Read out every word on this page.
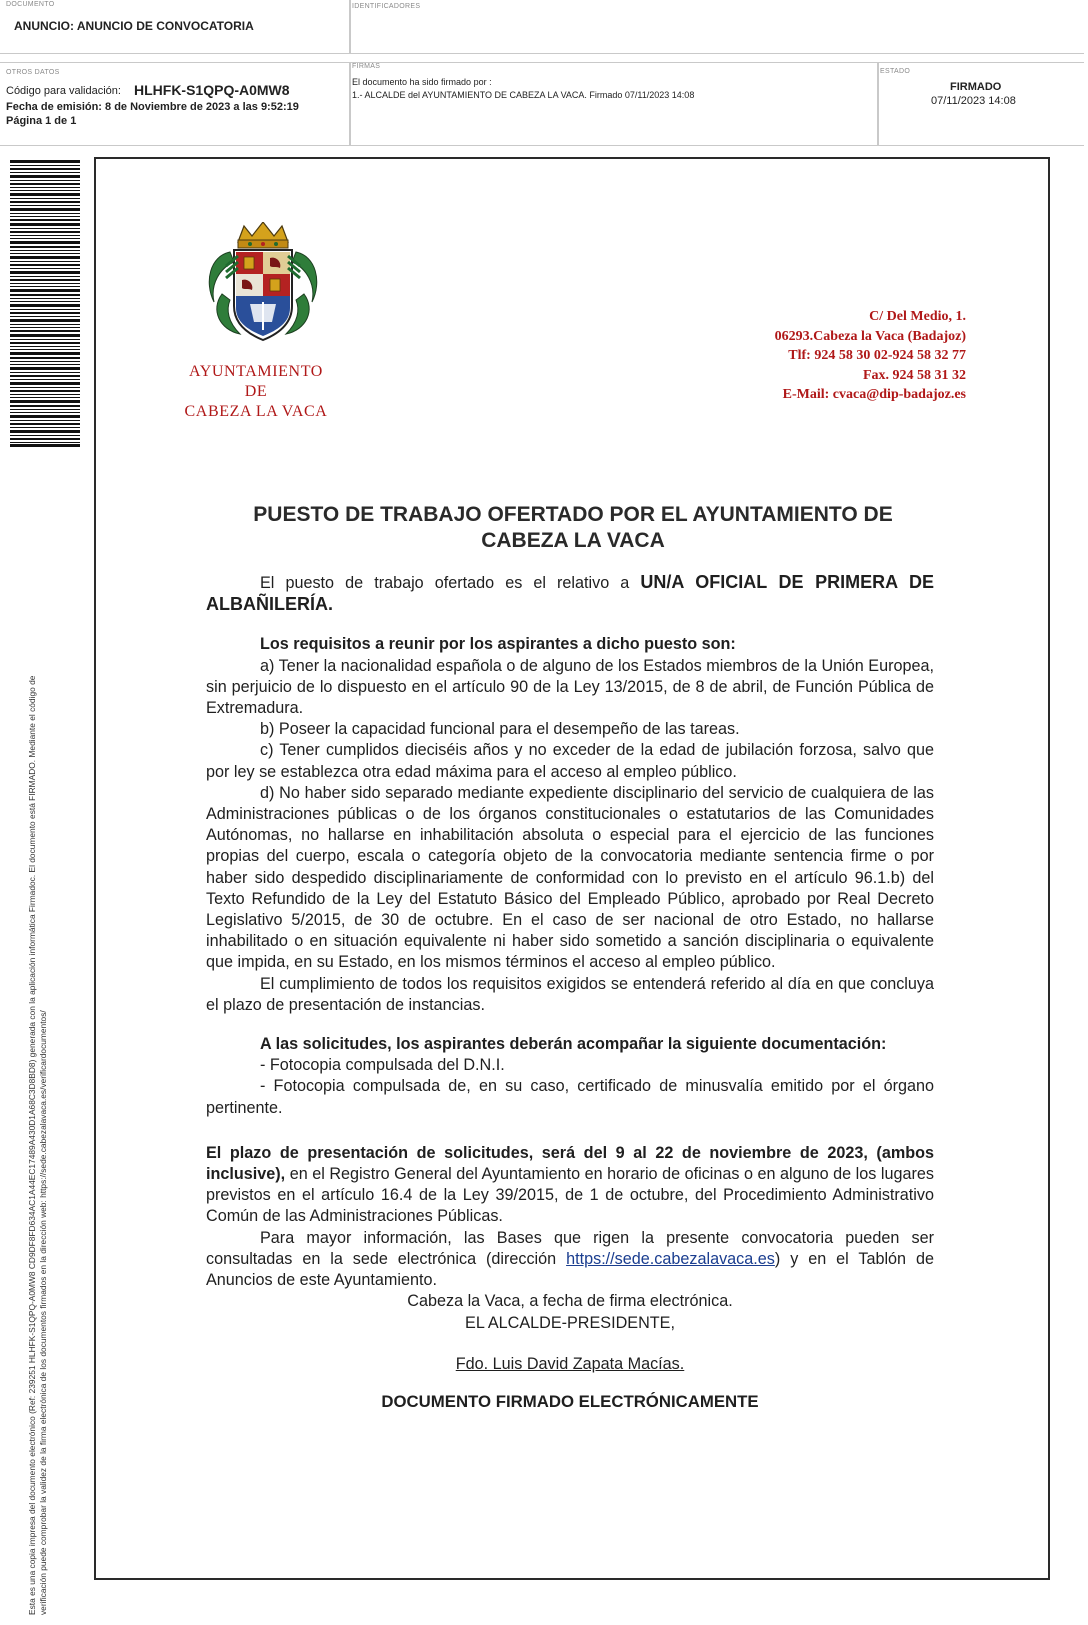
DOCUMENTO
ANUNCIO: ANUNCIO DE CONVOCATORIA
IDENTIFICADORES
OTROS DATOS
Código para validación: HLHFK-S1QPQ-A0MW8
Fecha de emisión: 8 de Noviembre de 2023 a las 9:52:19
Página 1 de 1
FIRMAS
El documento ha sido firmado por :
1.- ALCALDE del AYUNTAMIENTO DE CABEZA LA VACA. Firmado 07/11/2023 14:08
ESTADO
FIRMADO
07/11/2023 14:08
Esta es una copia impresa del documento electrónico (Ref: 239251 HLHFK-S1QPQ-A0MW8 CD9DF8FD634AC1A44EC17489A430D1A68C3D8BD8) generada con la aplicación informática Firmadoc. El documento está FIRMADO. Mediante el código de verificación puede comprobar la validez de la firma electrónica de los documentos firmados en la dirección web: https://sede.cabezalavaca.es/verificardocumentos/
AYUNTAMIENTO
DE
CABEZA LA VACA
C/ Del Medio, 1.
06293.Cabeza la Vaca (Badajoz)
Tlf: 924 58 30 02-924 58 32 77
Fax. 924 58 31 32
E-Mail: cvaca@dip-badajoz.es
PUESTO DE TRABAJO OFERTADO POR EL AYUNTAMIENTO DE
CABEZA LA VACA

El puesto de trabajo ofertado es el relativo a UN/A OFICIAL DE PRIMERA DE ALBAÑILERÍA.

Los requisitos a reunir por los aspirantes a dicho puesto son:

a) Tener la nacionalidad española o de alguno de los Estados miembros de la Unión Europea, sin perjuicio de lo dispuesto en el artículo 90 de la Ley 13/2015, de 8 de abril, de Función Pública de Extremadura.

b) Poseer la capacidad funcional para el desempeño de las tareas.

c) Tener cumplidos dieciséis años y no exceder de la edad de jubilación forzosa, salvo que por ley se establezca otra edad máxima para el acceso al empleo público.

d) No haber sido separado mediante expediente disciplinario del servicio de cualquiera de las Administraciones públicas o de los órganos constitucionales o estatutarios de las Comunidades Autónomas, no hallarse en inhabilitación absoluta o especial para el ejercicio de las funciones propias del cuerpo, escala o categoría objeto de la convocatoria mediante sentencia firme o por haber sido despedido disciplinariamente de conformidad con lo previsto en el artículo 96.1.b) del Texto Refundido de la Ley del Estatuto Básico del Empleado Público, aprobado por Real Decreto Legislativo 5/2015, de 30 de octubre. En el caso de ser nacional de otro Estado, no hallarse inhabilitado o en situación equivalente ni haber sido sometido a sanción disciplinaria o equivalente que impida, en su Estado, en los mismos términos el acceso al empleo público.

El cumplimiento de todos los requisitos exigidos se entenderá referido al día en que concluya el plazo de presentación de instancias.

A las solicitudes, los aspirantes deberán acompañar la siguiente documentación:

- Fotocopia compulsada del D.N.I.

- Fotocopia compulsada de, en su caso, certificado de minusvalía emitido por el órgano pertinente.

El plazo de presentación de solicitudes, será del 9 al 22 de noviembre de 2023, (ambos inclusive), en el Registro General del Ayuntamiento en horario de oficinas o en alguno de los lugares previstos en el artículo 16.4 de la Ley 39/2015, de 1 de octubre, del Procedimiento Administrativo Común de las Administraciones Públicas.

Para mayor información, las Bases que rigen la presente convocatoria pueden ser consultadas en la sede electrónica (dirección https://sede.cabezalavaca.es) y en el Tablón de Anuncios de este Ayuntamiento.

Cabeza la Vaca, a fecha de firma electrónica.

EL ALCALDE-PRESIDENTE,

Fdo. Luis David Zapata Macías.

DOCUMENTO FIRMADO ELECTRÓNICAMENTE
